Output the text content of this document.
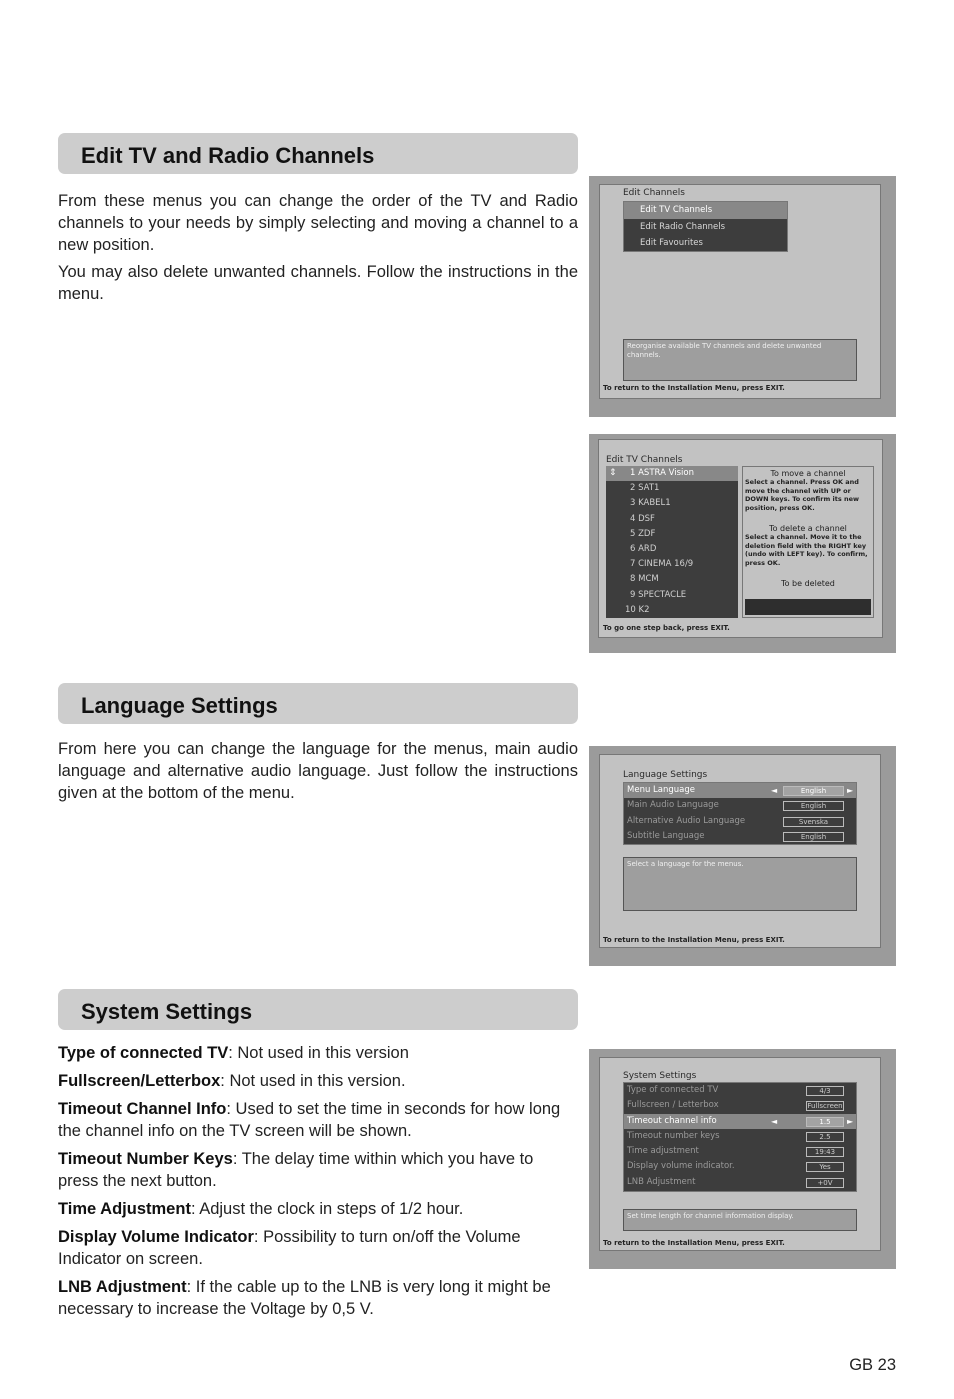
Edit TV and Radio Channels

From these menus you can change the order of the TV and Radio channels to your needs by simply selecting and moving a channel to a new position.

You may also delete unwanted channels. Follow the instructions in the menu.

Edit Channels
Edit TV Channels
Edit Radio Channels
Edit Favourites
Reorganise available TV channels and delete unwanted channels.
To return to the Installation Menu, press EXIT.
Edit TV Channels
⇕ 1 ASTRA Vision
2 SAT1
3 KABEL1
4 DSF
5 ZDF
6 ARD
7 CINEMA 16/9
8 MCM
9 SPECTACLE
10 K2
To move a channel
Select a channel. Press OK and move the channel with UP or DOWN keys. To confirm its new position, press OK.
To delete a channel
Select a channel. Move it to the deletion field with the RIGHT key (undo with LEFT key). To confirm, press OK.
To be deleted
To go one step back, press EXIT.
Language Settings

From here you can change the language for the menus, main audio language and alternative audio language. Just follow the instructions given at the bottom of the menu.

Language Settings
Menu Language	◄	English	►
Main Audio Language	English
Alternative Audio Language	Svenska
Subtitle Language	English
Select a language for the menus.
To return to the Installation Menu, press EXIT.
System Settings
Type of connected TV: Not used in this version
Fullscreen/Letterbox: Not used in this version.
Timeout Channel Info: Used to set the time in seconds for how long the channel info on the TV screen will be shown.
Timeout Number Keys: The delay time within which you have to press the next button.
Time Adjustment: Adjust the clock in steps of 1/2 hour.
Display Volume Indicator: Possibility to turn on/off the Volume Indicator on screen.
LNB Adjustment: If the cable up to the LNB is very long it might be necessary to increase the Voltage by 0,5 V.
System Settings
Type of connected TV	4/3
Fullscreen / Letterbox	Fullscreen
Timeout channel info	◄	1.5	►
Timeout number keys	2.5
Time adjustment	19:43
Display volume indicator.	Yes
LNB Adjustment	+0V
Set time length for channel information display.
To return to the Installation Menu, press EXIT.
GB 23
